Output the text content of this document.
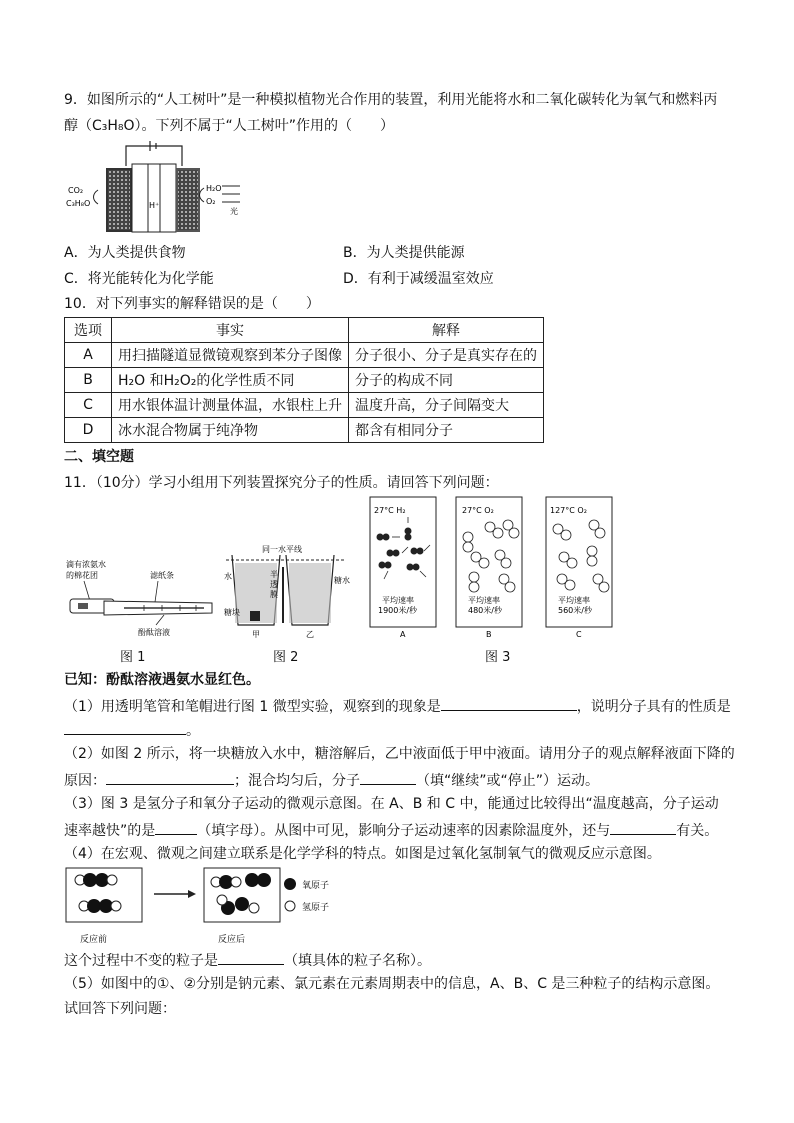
9．如图所示的“人工树叶”是一种模拟植物光合作用的装置，利用光能将水和二氧化碳转化为氧气和燃料丙
醇（C₃H₈O）。下列不属于“人工树叶”作用的（　　）
H⁺
CO₂
C₃H₈O
H₂O
O₂
光
A．为人类提供食物	B．为人类提供能源
C．将光能转化为化学能	D．有利于减缓温室效应
10．对下列事实的解释错误的是（　　）
选项	事实	解释
A	用扫描隧道显微镜观察到苯分子图像	分子很小、分子是真实存在的
B	H₂O 和H₂O₂的化学性质不同	分子的构成不同
C	用水银体温计测量体温，水银柱上升	温度升高，分子间隔变大
D	冰水混合物属于纯净物	都含有相同分子
二、填空题
11．（10分）学习小组用下列装置探究分子的性质。请回答下列问题：
滴有浓氨水
的棉花团	滤纸条
酚酞溶液
图 1
同一水平线
水
糖块
糖水
半
透
膜
甲	乙
图 2
27°C H₂
平均速率
1900米/秒
A
27°C O₂
平均速率
480米/秒
B
127°C O₂
平均速率
560米/秒
C
图 3
已知：酚酞溶液遇氨水显红色。
（1）用透明笔管和笔帽进行图 1 微型实验，观察到的现象是	，说明分子具有的性质是
。
（2）如图 2 所示，将一块糖放入水中，糖溶解后，乙中液面低于甲中液面。请用分子的观点解释液面下降的
原因：	；混合均匀后，分子	（填“继续”或“停止”）运动。
（3）图 3 是氢分子和氧分子运动的微观示意图。在 A、B 和 C 中，能通过比较得出“温度越高，分子运动
速率越快”的是	（填字母）。从图中可见，影响分子运动速率的因素除温度外，还与	有关。
（4）在宏观、微观之间建立联系是化学学科的特点。如图是过氧化氢制氧气的微观反应示意图。
反应前	反应后
氧原子
氢原子
这个过程中不变的粒子是	（填具体的粒子名称）。
（5）如图中的①、②分别是钠元素、氯元素在元素周期表中的信息，A、B、C 是三种粒子的结构示意图。
试回答下列问题：
